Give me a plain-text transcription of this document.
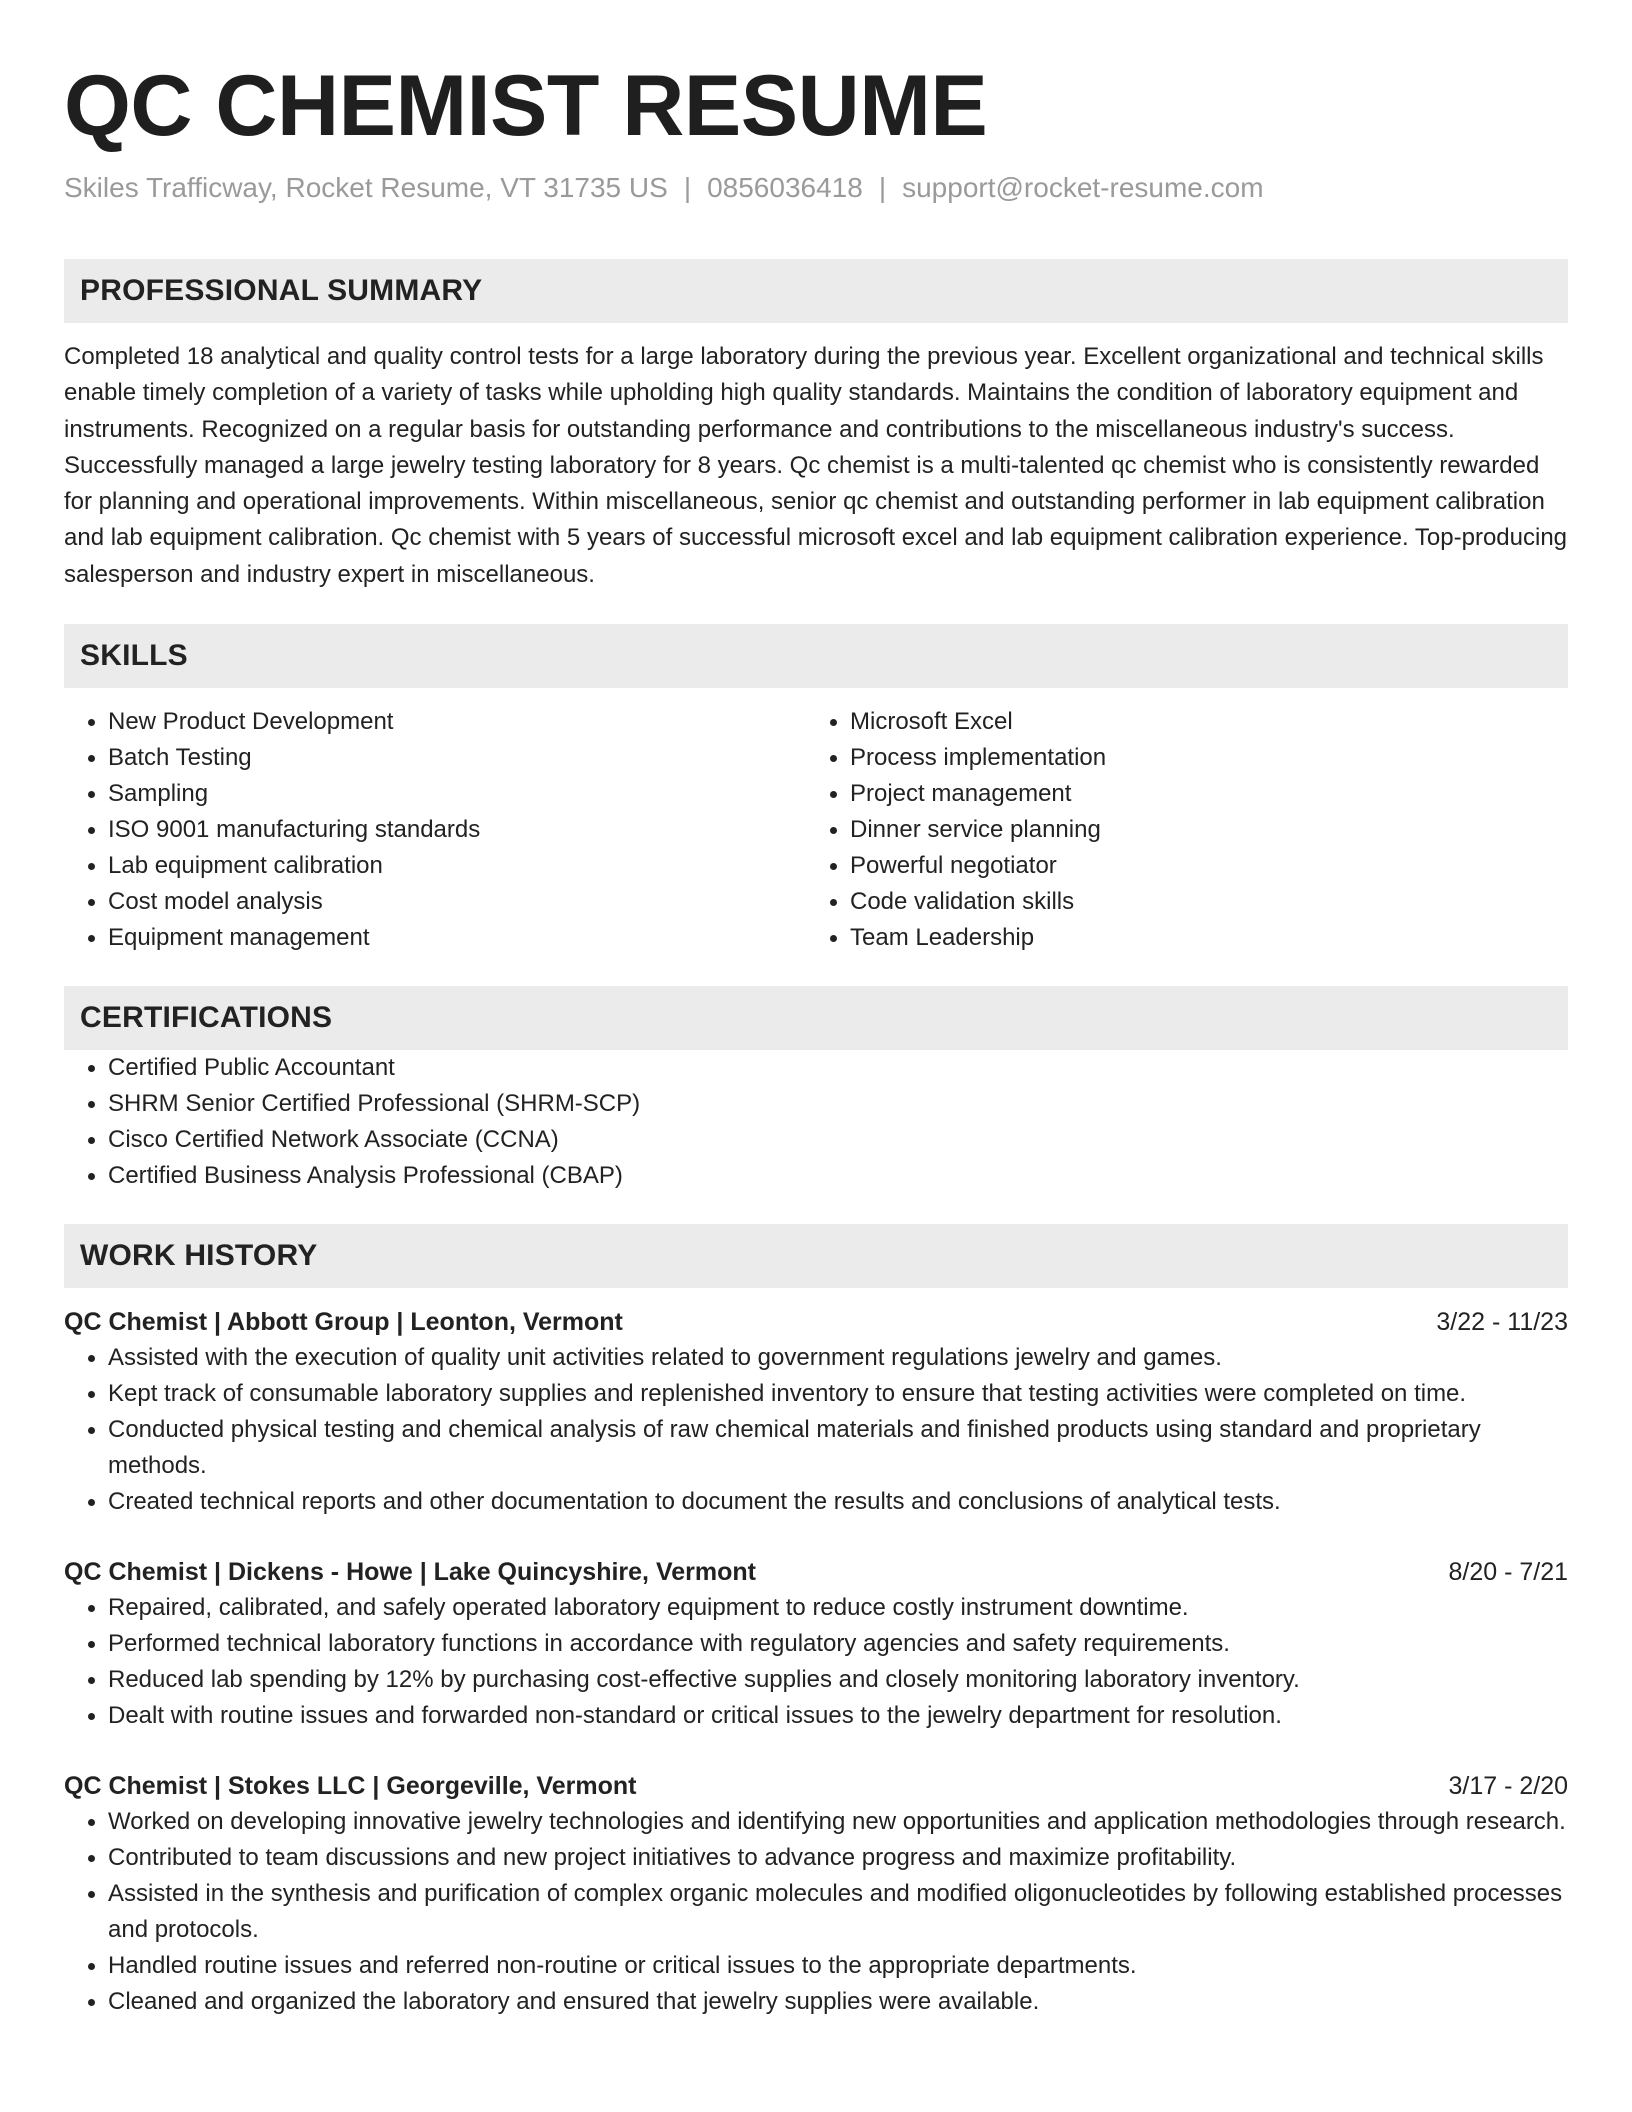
QC CHEMIST RESUME
Skiles Trafficway, Rocket Resume, VT 31735 US | 0856036418 | support@rocket-resume.com
PROFESSIONAL SUMMARY

Completed 18 analytical and quality control tests for a large laboratory during the previous year. Excellent organizational and technical skills enable timely completion of a variety of tasks while upholding high quality standards. Maintains the condition of laboratory equipment and instruments. Recognized on a regular basis for outstanding performance and contributions to the miscellaneous industry's success. Successfully managed a large jewelry testing laboratory for 8 years. Qc chemist is a multi-talented qc chemist who is consistently rewarded for planning and operational improvements. Within miscellaneous, senior qc chemist and outstanding performer in lab equipment calibration and lab equipment calibration. Qc chemist with 5 years of successful microsoft excel and lab equipment calibration experience. Top-producing salesperson and industry expert in miscellaneous.

SKILLS
• New Product Development
• Batch Testing
• Sampling
• ISO 9001 manufacturing standards
• Lab equipment calibration
• Cost model analysis
• Equipment management
• Microsoft Excel
• Process implementation
• Project management
• Dinner service planning
• Powerful negotiator
• Code validation skills
• Team Leadership
CERTIFICATIONS
• Certified Public Accountant
• SHRM Senior Certified Professional (SHRM-SCP)
• Cisco Certified Network Associate (CCNA)
• Certified Business Analysis Professional (CBAP)
WORK HISTORY
QC Chemist | Abbott Group | Leonton, Vermont	3/22 - 11/23
• Assisted with the execution of quality unit activities related to government regulations jewelry and games.
• Kept track of consumable laboratory supplies and replenished inventory to ensure that testing activities were completed on time.
• Conducted physical testing and chemical analysis of raw chemical materials and finished products using standard and proprietary methods.
• Created technical reports and other documentation to document the results and conclusions of analytical tests.
QC Chemist | Dickens - Howe | Lake Quincyshire, Vermont	8/20 - 7/21
• Repaired, calibrated, and safely operated laboratory equipment to reduce costly instrument downtime.
• Performed technical laboratory functions in accordance with regulatory agencies and safety requirements.
• Reduced lab spending by 12% by purchasing cost-effective supplies and closely monitoring laboratory inventory.
• Dealt with routine issues and forwarded non-standard or critical issues to the jewelry department for resolution.
QC Chemist | Stokes LLC | Georgeville, Vermont	3/17 - 2/20
• Worked on developing innovative jewelry technologies and identifying new opportunities and application methodologies through research.
• Contributed to team discussions and new project initiatives to advance progress and maximize profitability.
• Assisted in the synthesis and purification of complex organic molecules and modified oligonucleotides by following established processes and protocols.
• Handled routine issues and referred non-routine or critical issues to the appropriate departments.
• Cleaned and organized the laboratory and ensured that jewelry supplies were available.
